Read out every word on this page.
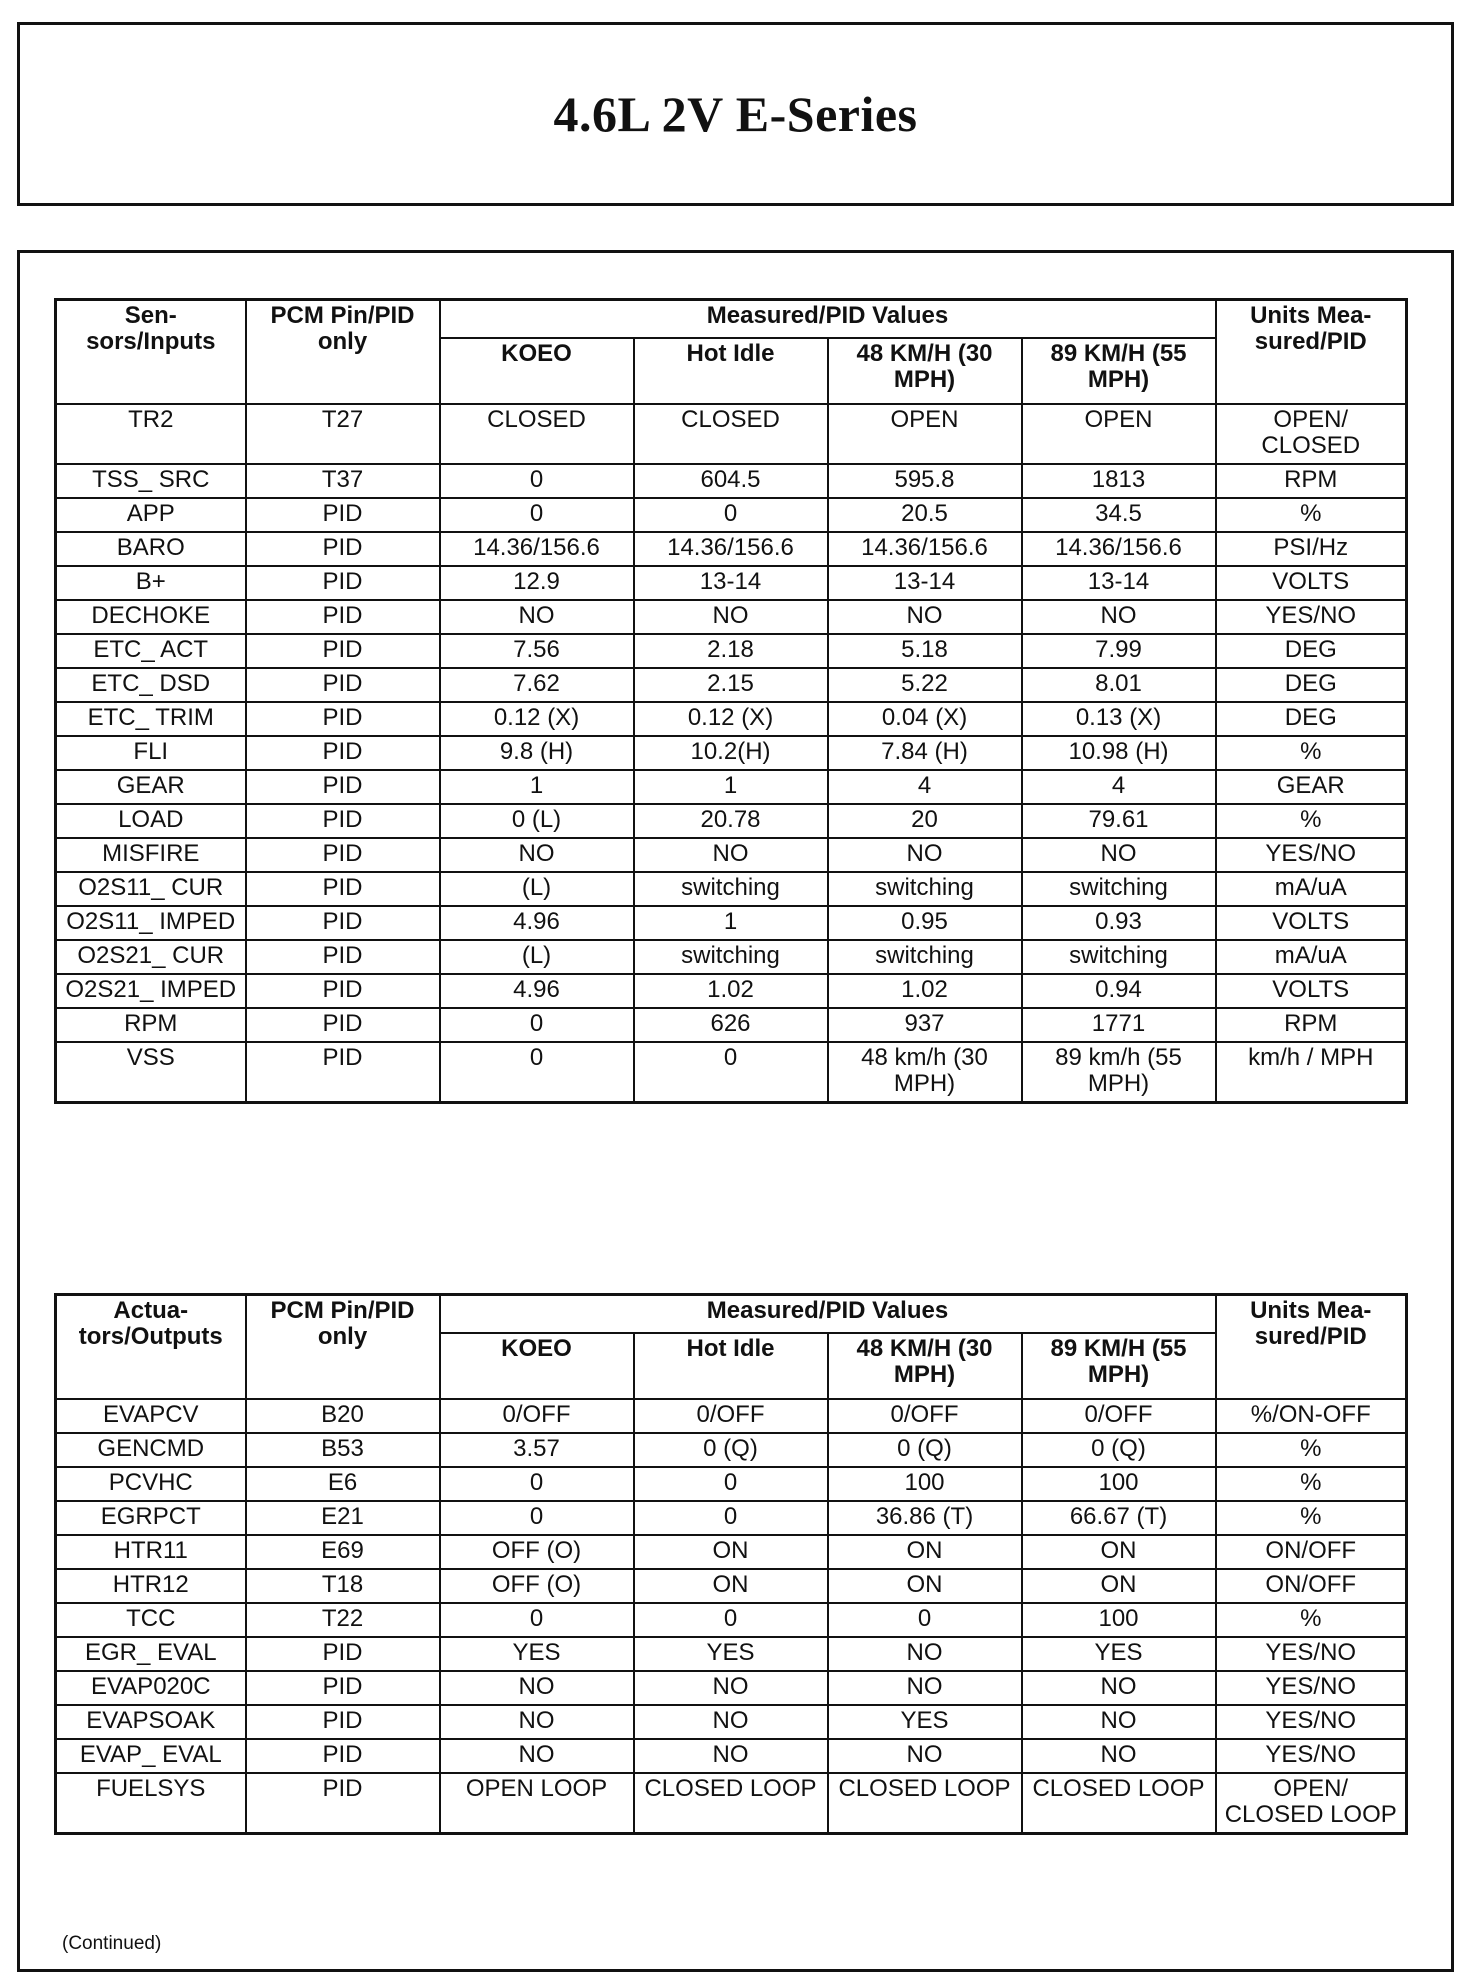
4.6L 2V E-Series
Sen-sors/Inputs	PCM Pin/PID only	Measured/PID Values				Units Mea-sured/PID
		KOEO	Hot Idle	48 KM/H (30 MPH)	89 KM/H (55 MPH)	
TR2	T27	CLOSED	CLOSED	OPEN	OPEN	OPEN/ CLOSED
TSS_ SRC	T37	0	604.5	595.8	1813	RPM
APP	PID	0	0	20.5	34.5	%
BARO	PID	14.36/156.6	14.36/156.6	14.36/156.6	14.36/156.6	PSI/Hz
B+	PID	12.9	13-14	13-14	13-14	VOLTS
DECHOKE	PID	NO	NO	NO	NO	YES/NO
ETC_ ACT	PID	7.56	2.18	5.18	7.99	DEG
ETC_ DSD	PID	7.62	2.15	5.22	8.01	DEG
ETC_ TRIM	PID	0.12 (X)	0.12 (X)	0.04 (X)	0.13 (X)	DEG
FLI	PID	9.8 (H)	10.2(H)	7.84 (H)	10.98 (H)	%
GEAR	PID	1	1	4	4	GEAR
LOAD	PID	0 (L)	20.78	20	79.61	%
MISFIRE	PID	NO	NO	NO	NO	YES/NO
O2S11_ CUR	PID	(L)	switching	switching	switching	mA/uA
O2S11_ IMPED	PID	4.96	1	0.95	0.93	VOLTS
O2S21_ CUR	PID	(L)	switching	switching	switching	mA/uA
O2S21_ IMPED	PID	4.96	1.02	1.02	0.94	VOLTS
RPM	PID	0	626	937	1771	RPM
VSS	PID	0	0	48 km/h (30 MPH)	89 km/h (55 MPH)	km/h / MPH
Actua-tors/Outputs	PCM Pin/PID only	Measured/PID Values				Units Mea-sured/PID
		KOEO	Hot Idle	48 KM/H (30 MPH)	89 KM/H (55 MPH)	
EVAPCV	B20	0/OFF	0/OFF	0/OFF	0/OFF	%/ON-OFF
GENCMD	B53	3.57	0 (Q)	0 (Q)	0 (Q)	%
PCVHC	E6	0	0	100	100	%
EGRPCT	E21	0	0	36.86 (T)	66.67 (T)	%
HTR11	E69	OFF (O)	ON	ON	ON	ON/OFF
HTR12	T18	OFF (O)	ON	ON	ON	ON/OFF
TCC	T22	0	0	0	100	%
EGR_ EVAL	PID	YES	YES	NO	YES	YES/NO
EVAP020C	PID	NO	NO	NO	NO	YES/NO
EVAPSOAK	PID	NO	NO	YES	NO	YES/NO
EVAP_ EVAL	PID	NO	NO	NO	NO	YES/NO
FUELSYS	PID	OPEN LOOP	CLOSED LOOP	CLOSED LOOP	CLOSED LOOP	OPEN/ CLOSED LOOP
(Continued)
